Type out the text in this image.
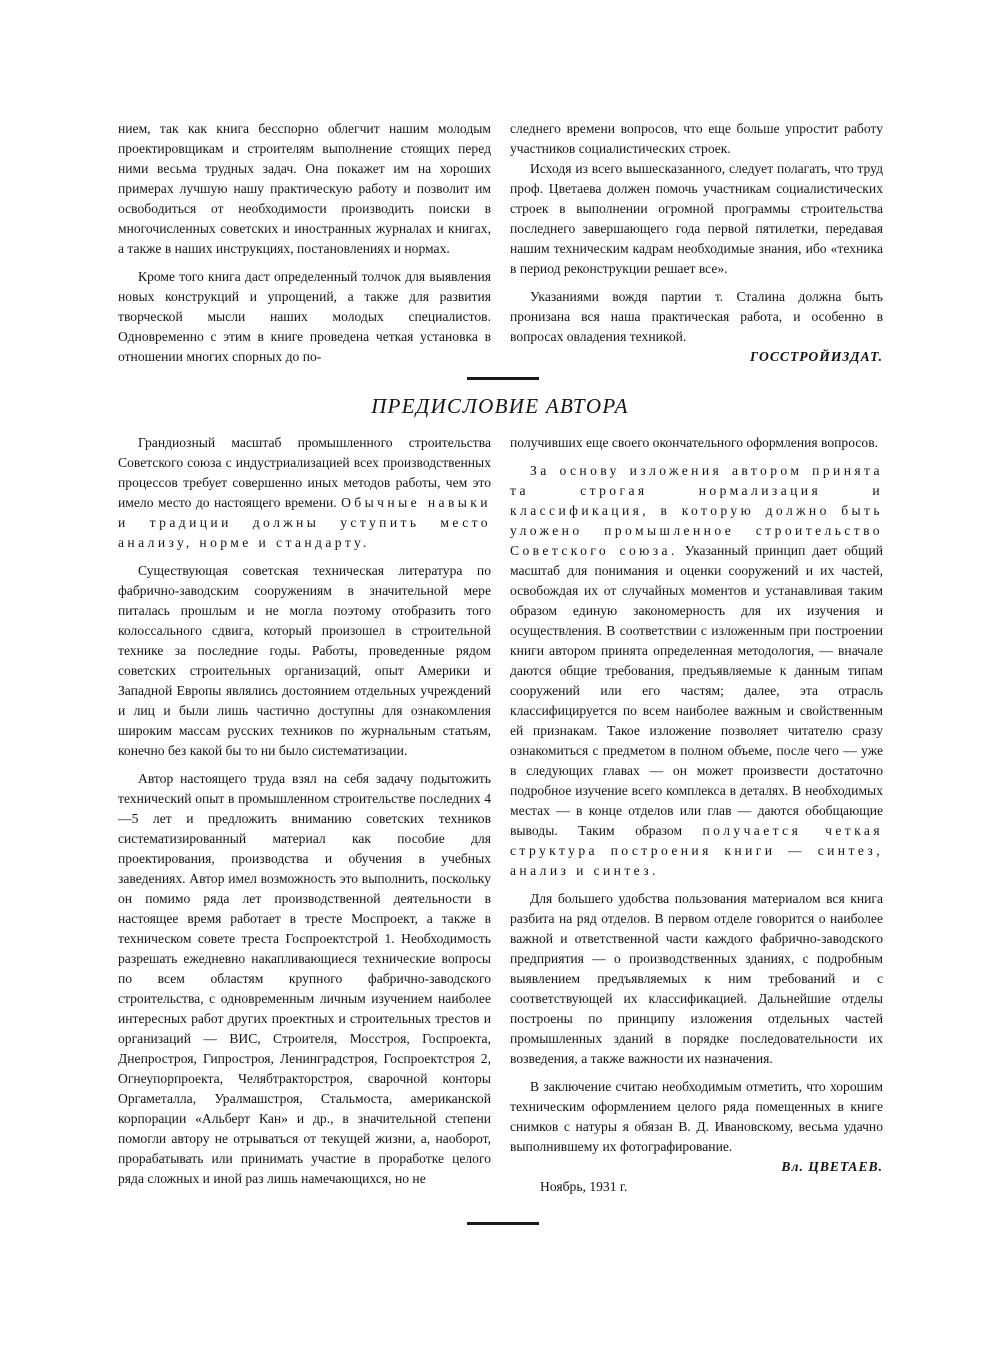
нием, так как книга бесспорно облегчит нашим молодым проектировщикам и строителям выполнение стоящих перед ними весьма трудных задач. Она покажет им на хороших примерах лучшую нашу практическую работу и позволит им освободиться от необходимости производить поиски в многочисленных советских и иностранных журналах и книгах, а также в наших инструкциях, постановлениях и нормах.

Кроме того книга даст определенный толчок для выявления новых конструкций и упрощений, а также для развития творческой мысли наших молодых специалистов. Одновременно с этим в книге проведена четкая установка в отношении многих спорных до по-

следнего времени вопросов, что еще больше упростит работу участников социалистических строек.

Исходя из всего вышесказанного, следует полагать, что труд проф. Цветаева должен помочь участникам социалистических строек в выполнении огромной программы строительства последнего завершающего года первой пятилетки, передавая нашим техническим кадрам необходимые знания, ибо «техника в период реконструкции решает все».

Указаниями вождя партии т. Сталина должна быть пронизана вся наша практическая работа, и особенно в вопросах овладения техникой.

ГОССТРОЙИЗДАТ.

ПРЕДИСЛОВИЕ АВТОРА

Грандиозный масштаб промышленного строительства Советского союза с индустриализацией всех производственных процессов требует совершенно иных методов работы, чем это имело место до настоящего времени. Обычные навыки и традиции должны уступить место анализу, норме и стандарту.

Существующая советская техническая литература по фабрично-заводским сооружениям в значительной мере питалась прошлым и не могла поэтому отобразить того колоссального сдвига, который произошел в строительной технике за последние годы. Работы, проведенные рядом советских строительных организаций, опыт Америки и Западной Европы являлись достоянием отдельных учреждений и лиц и были лишь частично доступны для ознакомления широким массам русских техников по журнальным статьям, конечно без какой бы то ни было систематизации.

Автор настоящего труда взял на себя задачу подытожить технический опыт в промышленном строительстве последних 4—5 лет и предложить вниманию советских техников систематизированный материал как пособие для проектирования, производства и обучения в учебных заведениях. Автор имел возможность это выполнить, поскольку он помимо ряда лет производственной деятельности в настоящее время работает в тресте Моспроект, а также в техническом совете треста Госпроектстрой 1. Необходимость разрешать ежедневно накапливающиеся технические вопросы по всем областям крупного фабрично-заводского строительства, с одновременным личным изучением наиболее интересных работ других проектных и строительных трестов и организаций — ВИС, Строителя, Мосстроя, Госпроекта, Днепростроя, Гипростроя, Ленинградстроя, Госпроектстроя 2, Огнеупорпроекта, Челябтракторстроя, сварочной конторы Оргаметалла, Уралмашстроя, Стальмоста, американской корпорации «Альберт Кан» и др., в значительной степени помогли автору не отрываться от текущей жизни, а, наоборот, прорабатывать или принимать участие в проработке целого ряда сложных и иной раз лишь намечающихся, но не

получивших еще своего окончательного оформления вопросов.

За основу изложения автором принята та строгая нормализация и классификация, в которую должно быть уложено промышленное строительство Советского союза. Указанный принцип дает общий масштаб для понимания и оценки сооружений и их частей, освобождая их от случайных моментов и устанавливая таким образом единую закономерность для их изучения и осуществления. В соответствии с изложенным при построении книги автором принята определенная методология, — вначале даются общие требования, предъявляемые к данным типам сооружений или его частям; далее, эта отрасль классифицируется по всем наиболее важным и свойственным ей признакам. Такое изложение позволяет читателю сразу ознакомиться с предметом в полном объеме, после чего — уже в следующих главах — он может произвести достаточно подробное изучение всего комплекса в деталях. В необходимых местах — в конце отделов или глав — даются обобщающие выводы. Таким образом получается четкая структура построения книги — синтез, анализ и синтез.

Для большего удобства пользования материалом вся книга разбита на ряд отделов. В первом отделе говорится о наиболее важной и ответственной части каждого фабрично-заводского предприятия — о производственных зданиях, с подробным выявлением предъявляемых к ним требований и с соответствующей их классификацией. Дальнейшие отделы построены по принципу изложения отдельных частей промышленных зданий в порядке последовательности их возведения, а также важности их назначения.

В заключение считаю необходимым отметить, что хорошим техническим оформлением целого ряда помещенных в книге снимков с натуры я обязан В. Д. Ивановскому, весьма удачно выполнившему их фотографирование.

Вл. ЦВЕТАЕВ.

Ноябрь, 1931 г.
